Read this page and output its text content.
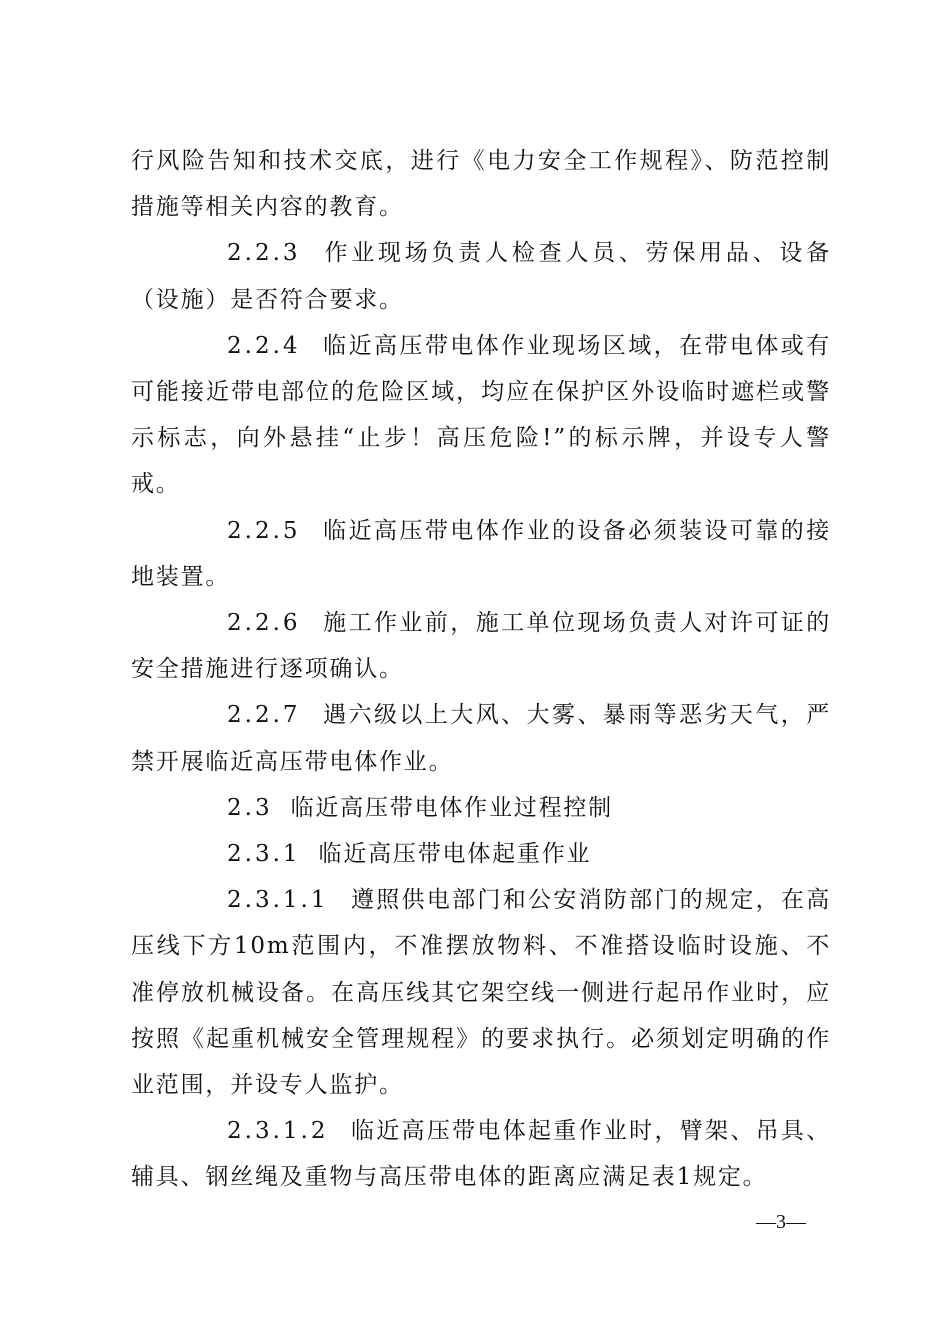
行风险告知和技术交底，进行《电力安全工作规程》、防范控制措施等相关内容的教育。

2.2.3 作业现场负责人检查人员、劳保用品、设备（设施）是否符合要求。

2.2.4 临近高压带电体作业现场区域，在带电体或有可能接近带电部位的危险区域，均应在保护区外设临时遮栏或警示标志，向外悬挂“止步！高压危险!”的标示牌，并设专人警戒。

2.2.5 临近高压带电体作业的设备必须装设可靠的接地装置。

2.2.6 施工作业前，施工单位现场负责人对许可证的安全措施进行逐项确认。

2.2.7 遇六级以上大风、大雾、暴雨等恶劣天气，严禁开展临近高压带电体作业。

2.3 临近高压带电体作业过程控制

2.3.1 临近高压带电体起重作业

2.3.1.1 遵照供电部门和公安消防部门的规定，在高压线下方10m范围内，不准摆放物料、不准搭设临时设施、不准停放机械设备。在高压线其它架空线一侧进行起吊作业时，应按照《起重机械安全管理规程》的要求执行。必须划定明确的作业范围，并设专人监护。

2.3.1.2 临近高压带电体起重作业时，臂架、吊具、辅具、钢丝绳及重物与高压带电体的距离应满足表1规定。

—3—
